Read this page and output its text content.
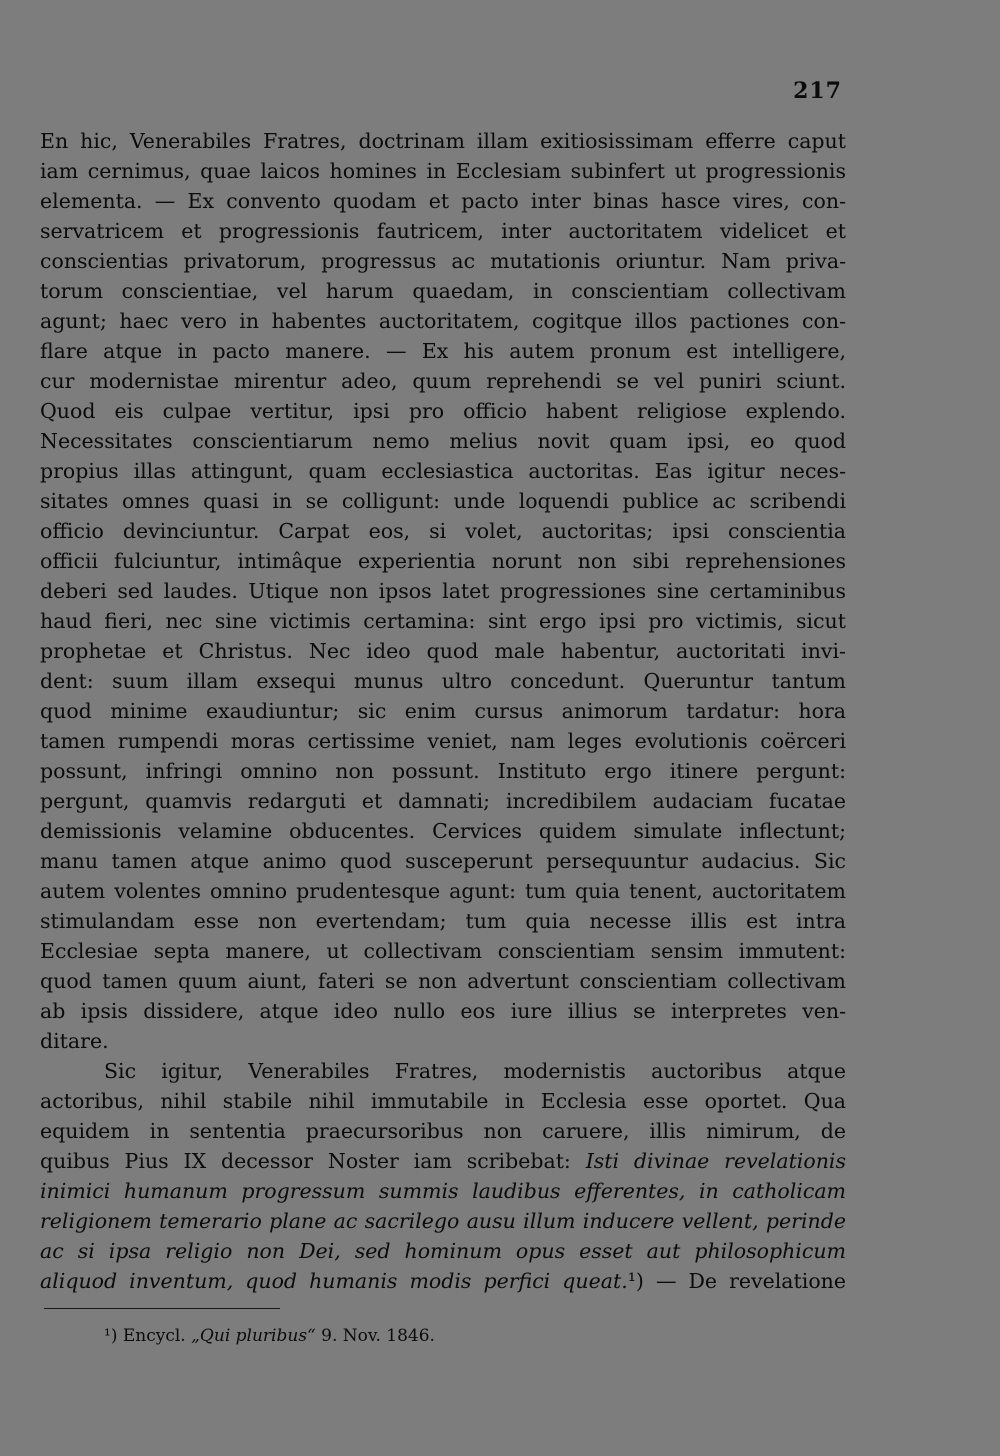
217
En hic, Venerabiles Fratres, doctrinam illam exitiosissimam efferre caput
iam cernimus, quae laicos homines in Ecclesiam subinfert ut progressionis
elementa. — Ex convento quodam et pacto inter binas hasce vires, con-
servatricem et progressionis fautricem, inter auctoritatem videlicet et
conscientias privatorum, progressus ac mutationis oriuntur. Nam priva-
torum conscientiae, vel harum quaedam, in conscientiam collectivam
agunt; haec vero in habentes auctoritatem, cogitque illos pactiones con-
flare atque in pacto manere. — Ex his autem pronum est intelligere,
cur modernistae mirentur adeo, quum reprehendi se vel puniri sciunt.
Quod eis culpae vertitur, ipsi pro officio habent religiose explendo.
Necessitates conscientiarum nemo melius novit quam ipsi, eo quod
propius illas attingunt, quam ecclesiastica auctoritas. Eas igitur neces-
sitates omnes quasi in se colligunt: unde loquendi publice ac scribendi
officio devinciuntur. Carpat eos, si volet, auctoritas; ipsi conscientia
officii fulciuntur, intimâque experientia norunt non sibi reprehensiones
deberi sed laudes. Utique non ipsos latet progressiones sine certaminibus
haud fieri, nec sine victimis certamina: sint ergo ipsi pro victimis, sicut
prophetae et Christus. Nec ideo quod male habentur, auctoritati invi-
dent: suum illam exsequi munus ultro concedunt. Queruntur tantum
quod minime exaudiuntur; sic enim cursus animorum tardatur: hora
tamen rumpendi moras certissime veniet, nam leges evolutionis coërceri
possunt, infringi omnino non possunt. Instituto ergo itinere pergunt:
pergunt, quamvis redarguti et damnati; incredibilem audaciam fucatae
demissionis velamine obducentes. Cervices quidem simulate inflectunt;
manu tamen atque animo quod susceperunt persequuntur audacius. Sic
autem volentes omnino prudentesque agunt: tum quia tenent, auctoritatem
stimulandam esse non evertendam; tum quia necesse illis est intra
Ecclesiae septa manere, ut collectivam conscientiam sensim immutent:
quod tamen quum aiunt, fateri se non advertunt conscientiam collectivam
ab ipsis dissidere, atque ideo nullo eos iure illius se interpretes ven-
ditare.
Sic igitur, Venerabiles Fratres, modernistis auctoribus atque
actoribus, nihil stabile nihil immutabile in Ecclesia esse oportet. Qua
equidem in sententia praecursoribus non caruere, illis nimirum, de
quibus Pius IX decessor Noster iam scribebat: Isti divinae revelationis
inimici humanum progressum summis laudibus efferentes, in catholicam
religionem temerario plane ac sacrilego ausu illum inducere vellent, perinde
ac si ipsa religio non Dei, sed hominum opus esset aut philosophicum
aliquod inventum, quod humanis modis perfici queat.¹) — De revelatione
¹) Encycl. „Qui pluribus“ 9. Nov. 1846.
